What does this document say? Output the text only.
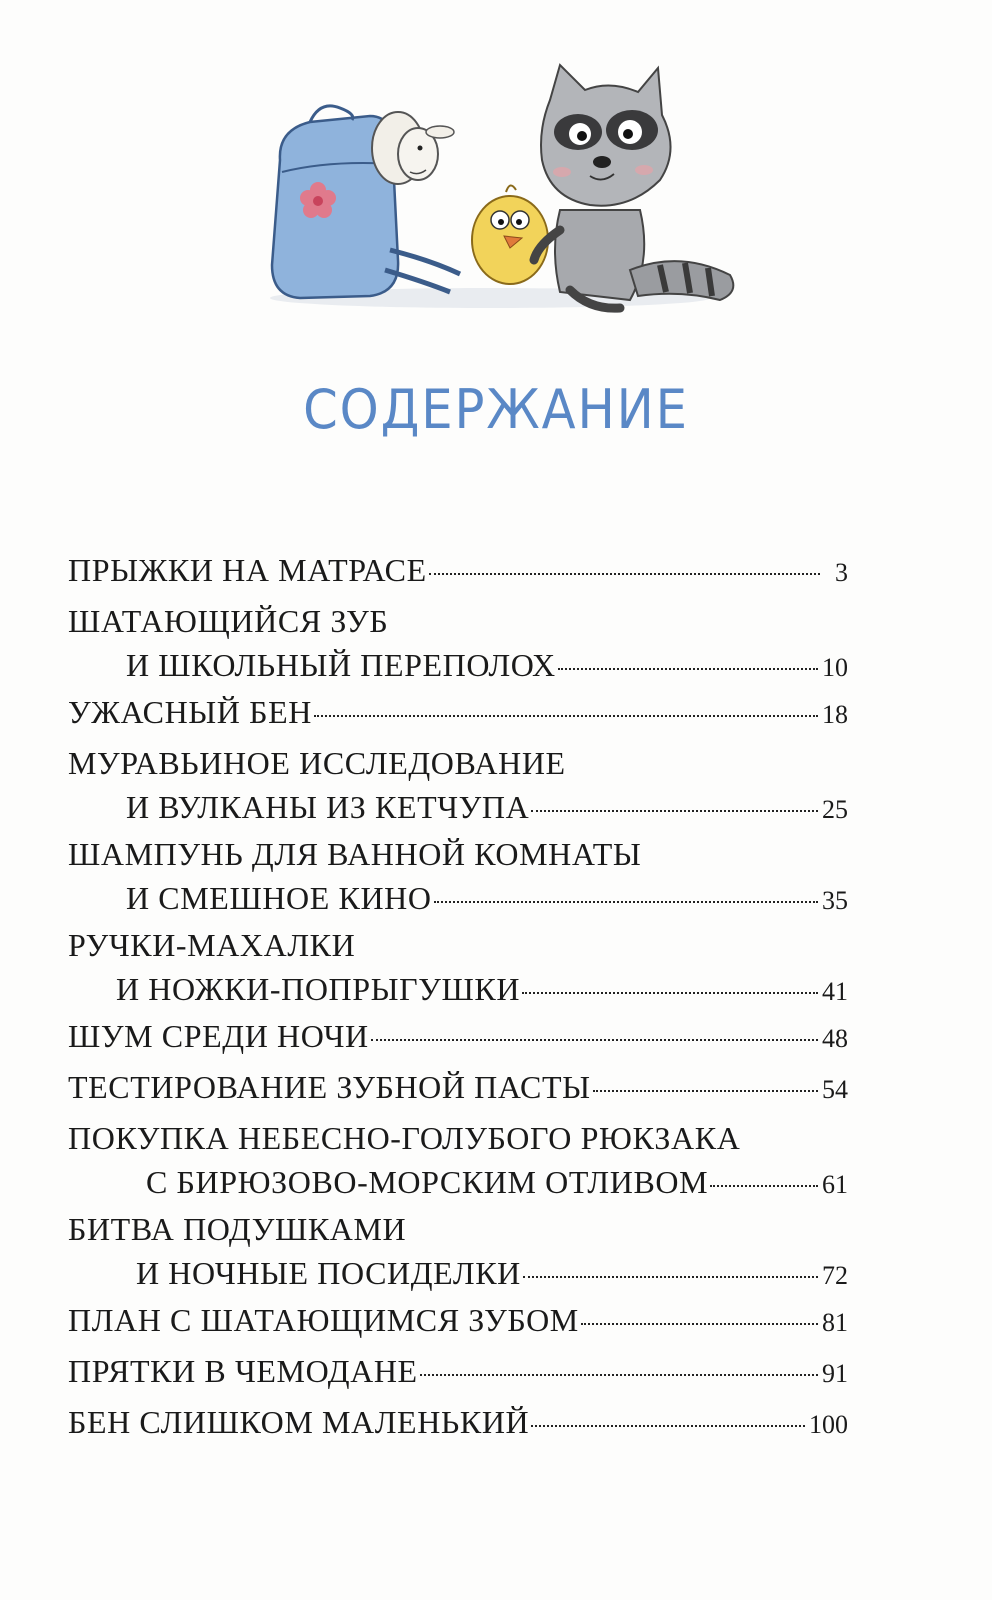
СОДЕРЖАНИЕ
ПРЫЖКИ НА МАТРАСЕ	3
ШАТАЮЩИЙСЯ ЗУБ
И ШКОЛЬНЫЙ ПЕРЕПОЛОХ	10
УЖАСНЫЙ БЕН	18
МУРАВЬИНОЕ ИССЛЕДОВАНИЕ
И ВУЛКАНЫ ИЗ КЕТЧУПА	25
ШАМПУНЬ ДЛЯ ВАННОЙ КОМНАТЫ
И СМЕШНОЕ КИНО	35
РУЧКИ-МАХАЛКИ
И НОЖКИ-ПОПРЫГУШКИ	41
ШУМ СРЕДИ НОЧИ	48
ТЕСТИРОВАНИЕ ЗУБНОЙ ПАСТЫ	54
ПОКУПКА НЕБЕСНО-ГОЛУБОГО РЮКЗАКА
С БИРЮЗОВО-МОРСКИМ ОТЛИВОМ	61
БИТВА ПОДУШКАМИ
И НОЧНЫЕ ПОСИДЕЛКИ	72
ПЛАН С ШАТАЮЩИМСЯ ЗУБОМ	81
ПРЯТКИ В ЧЕМОДАНЕ	91
БЕН СЛИШКОМ МАЛЕНЬКИЙ	100
